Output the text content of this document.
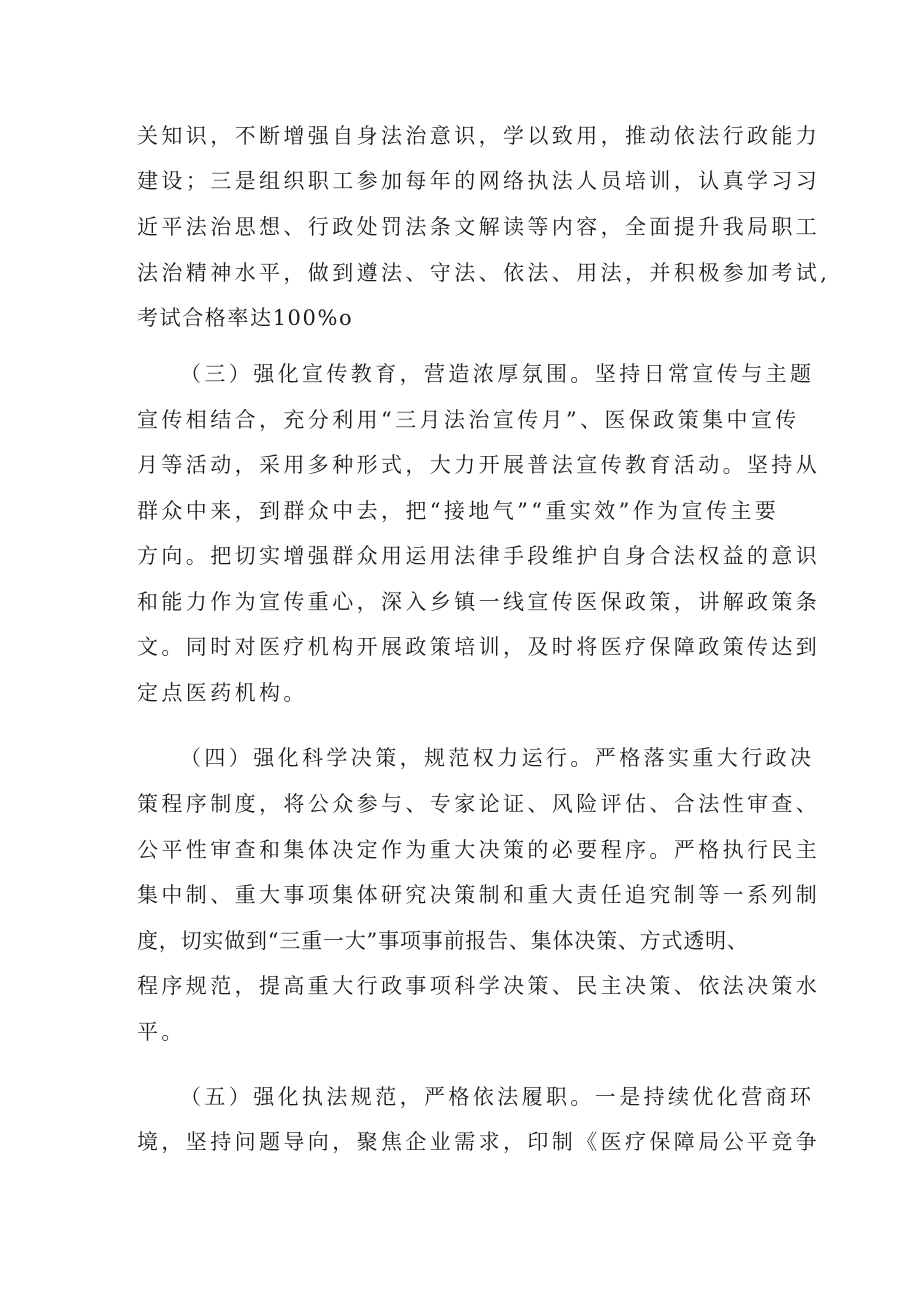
关知识，不断增强自身法治意识，学以致用，推动依法行政能力
建设；三是组织职工参加每年的网络执法人员培训，认真学习习
近平法治思想、行政处罚法条文解读等内容，全面提升我局职工
法治精神水平，做到遵法、守法、依法、用法，并积极参加考试,
考试合格率达100%o
（三）强化宣传教育，营造浓厚氛围。坚持日常宣传与主题
宣传相结合，充分利用“三月法治宣传月”、医保政策集中宣传
月等活动，采用多种形式，大力开展普法宣传教育活动。坚持从
群众中来，到群众中去，把“接地气”“重实效”作为宣传主要
方向。把切实增强群众用运用法律手段维护自身合法权益的意识
和能力作为宣传重心，深入乡镇一线宣传医保政策，讲解政策条
文。同时对医疗机构开展政策培训，及时将医疗保障政策传达到
定点医药机构。
（四）强化科学决策，规范权力运行。严格落实重大行政决
策程序制度，将公众参与、专家论证、风险评估、合法性审查、
公平性审查和集体决定作为重大决策的必要程序。严格执行民主
集中制、重大事项集体研究决策制和重大责任追究制等一系列制
度，切实做到“三重一大”事项事前报告、集体决策、方式透明、
程序规范，提高重大行政事项科学决策、民主决策、依法决策水
平。
（五）强化执法规范，严格依法履职。一是持续优化营商环
境，坚持问题导向，聚焦企业需求，印制《医疗保障局公平竞争
